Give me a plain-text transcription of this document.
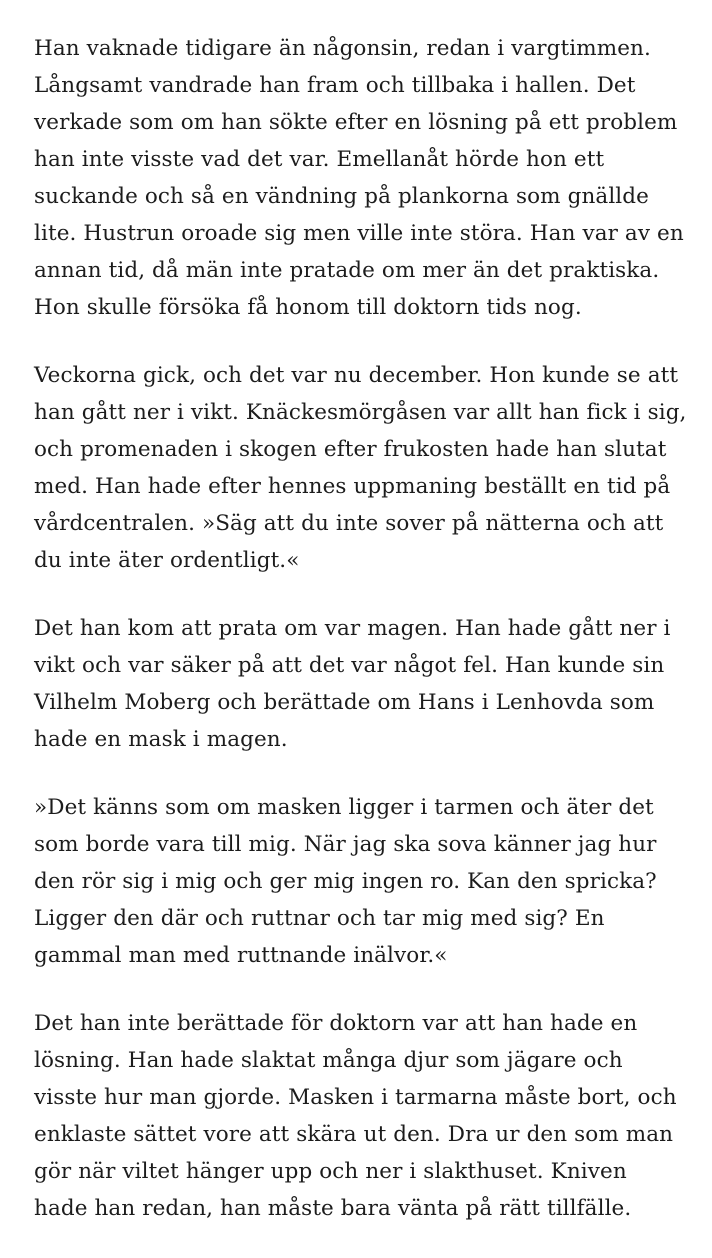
Han vaknade tidigare än någonsin, redan i vargtimmen.
Långsamt vandrade han fram och tillbaka i hallen. Det
verkade som om han sökte efter en lösning på ett problem
han inte visste vad det var. Emellanåt hörde hon ett
suckande och så en vändning på plankorna som gnällde
lite. Hustrun oroade sig men ville inte störa. Han var av en
annan tid, då män inte pratade om mer än det praktiska.
Hon skulle försöka få honom till doktorn tids nog.

Veckorna gick, och det var nu december. Hon kunde se att
han gått ner i vikt. Knäckesmörgåsen var allt han fick i sig,
och promenaden i skogen efter frukosten hade han slutat
med. Han hade efter hennes uppmaning beställt en tid på
vårdcentralen. »Säg att du inte sover på nätterna och att
du inte äter ordentligt.«

Det han kom att prata om var magen. Han hade gått ner i
vikt och var säker på att det var något fel. Han kunde sin
Vilhelm Moberg och berättade om Hans i Lenhovda som
hade en mask i magen.

»Det känns som om masken ligger i tarmen och äter det
som borde vara till mig. När jag ska sova känner jag hur
den rör sig i mig och ger mig ingen ro. Kan den spricka?
Ligger den där och ruttnar och tar mig med sig? En
gammal man med ruttnande inälvor.«

Det han inte berättade för doktorn var att han hade en
lösning. Han hade slaktat många djur som jägare och
visste hur man gjorde. Masken i tarmarna måste bort, och
enklaste sättet vore att skära ut den. Dra ur den som man
gör när viltet hänger upp och ner i slakthuset. Kniven
hade han redan, han måste bara vänta på rätt tillfälle.
